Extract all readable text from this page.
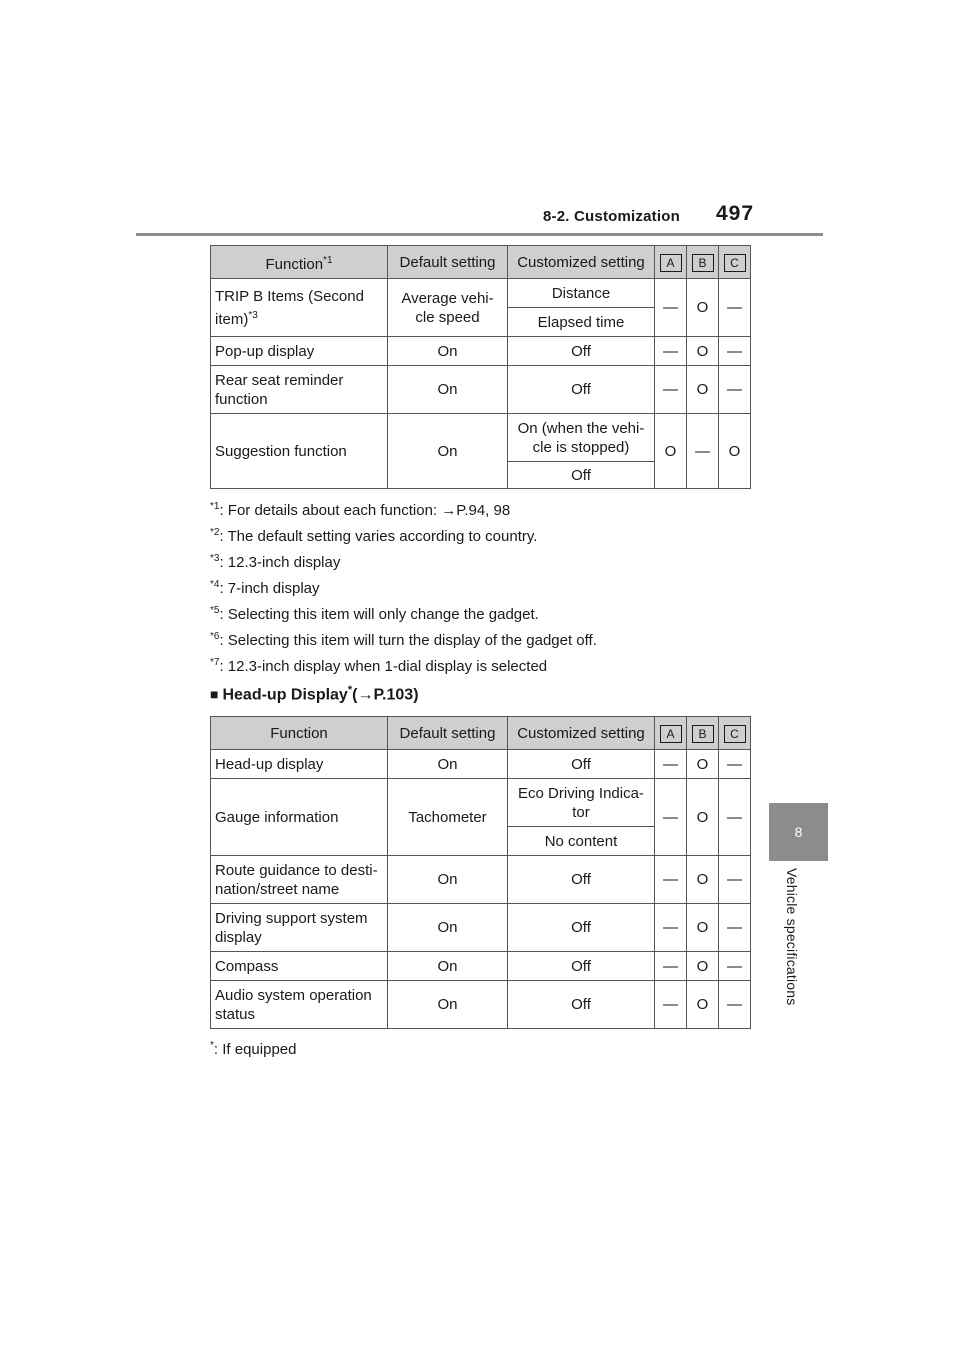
8-2. Customization 497
8
Vehicle specifications
Function$^{*1}$	Default setting	Customized setting	A	B	C
TRIP B Items (Second item)$^{*3}$	Average vehi-cle speed	Distance	—	O	—
		Elapsed time			
Pop-up display	On	Off	—	O	—
Rear seat reminder function	On	Off	—	O	—
Suggestion function	On	On (when the vehi-cle is stopped)	O	—	O
		Off			
$^{*1}$: For details about each function: →P.94, 98
$^{*2}$: The default setting varies according to country.
$^{*3}$: 12.3-inch display
$^{*4}$: 7-inch display
$^{*5}$: Selecting this item will only change the gadget.
$^{*6}$: Selecting this item will turn the display of the gadget off.
$^{*7}$: 12.3-inch display when 1-dial display is selected
■ Head-up Display*(→P.103)
Function	Default setting	Customized setting	A	B	C
Head-up display	On	Off	—	O	—
Gauge information	Tachometer	Eco Driving Indica-tor	—	O	—
		No content			
Route guidance to desti-nation/street name	On	Off	—	O	—
Driving support system display	On	Off	—	O	—
Compass	On	Off	—	O	—
Audio system operation status	On	Off	—	O	—
*: If equipped
